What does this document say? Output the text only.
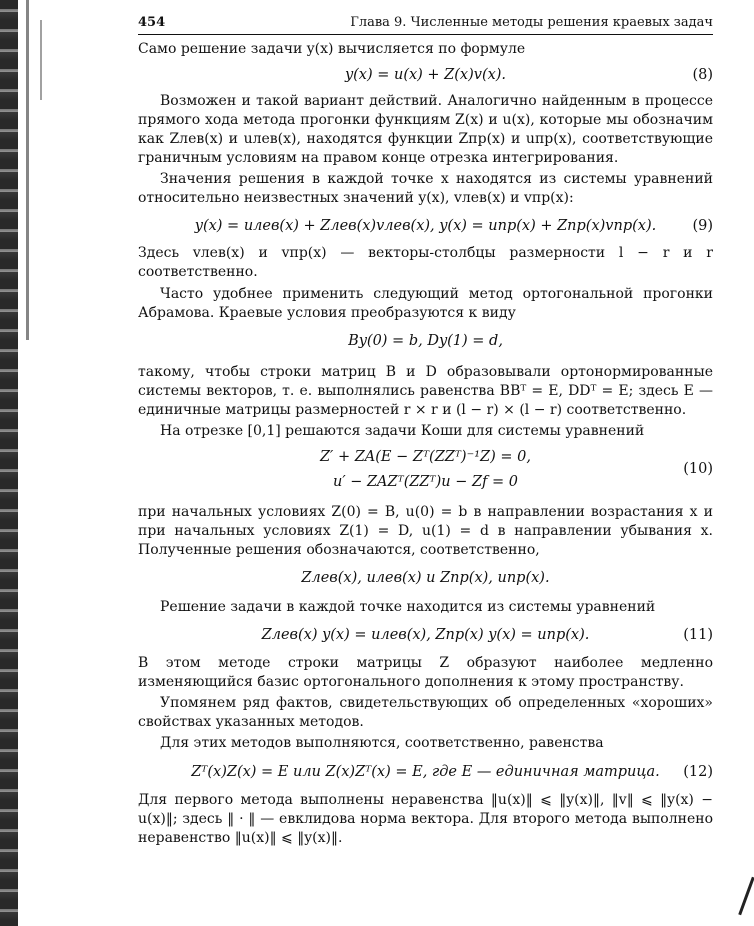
454	Глава 9. Численные методы решения краевых задач

Само решение задачи y(x) вычисляется по формуле

y(x) = u(x) + Z(x)v(x).	(8)

Возможен и такой вариант действий. Аналогично найденным в процессе прямого хода метода прогонки функциям Z(x) и u(x), которые мы обозначим как Zлев(x) и uлев(x), находятся функции Zпр(x) и uпр(x), соответствующие граничным условиям на правом конце отрезка интегрирования.

Значения решения в каждой точке x находятся из системы уравнений относительно неизвестных значений y(x), vлев(x) и vпр(x):

y(x) = uлев(x) + Zлев(x)vлев(x), y(x) = uпр(x) + Zпр(x)vпр(x). (9)

Здесь vлев(x) и vпр(x) — векторы-столбцы размерности l − r и r соответственно.

Часто удобнее применить следующий метод ортогональной прогонки Абрамова. Краевые условия преобразуются к виду

By(0) = b, Dy(1) = d,

такому, чтобы строки матриц B и D образовывали ортонормированные системы векторов, т. е. выполнялись равенства BBᵀ = E, DDᵀ = E; здесь E — единичные матрицы размерностей r × r и (l − r) × (l − r) соответственно.

На отрезке [0,1] решаются задачи Коши для системы уравнений

Z′ + ZA(E − Zᵀ(ZZᵀ)⁻¹Z) = 0,
u′ − ZAZᵀ(ZZᵀ)u − Zf = 0
(10)

при начальных условиях Z(0) = B, u(0) = b в направлении возрастания x и при начальных условиях Z(1) = D, u(1) = d в направлении убывания x. Полученные решения обозначаются, соответственно,

Zлев(x), uлев(x) и Zпр(x), uпр(x).

Решение задачи в каждой точке находится из системы уравнений

Zлев(x) y(x) = uлев(x), Zпр(x) y(x) = uпр(x).	(11)

В этом методе строки матрицы Z образуют наиболее медленно изменяющийся базис ортогонального дополнения к этому пространству.

Упомянем ряд фактов, свидетельствующих об определенных «хороших» свойствах указанных методов.

Для этих методов выполняются, соответственно, равенства

Zᵀ(x)Z(x) = E или Z(x)Zᵀ(x) = E, где E — единичная матрица. (12)

Для первого метода выполнены неравенства ‖u(x)‖ ⩽ ‖y(x)‖, ‖v‖ ⩽ ‖y(x) − u(x)‖; здесь ‖ · ‖ — евклидова норма вектора. Для второго метода выполнено неравенство ‖u(x)‖ ⩽ ‖y(x)‖.
